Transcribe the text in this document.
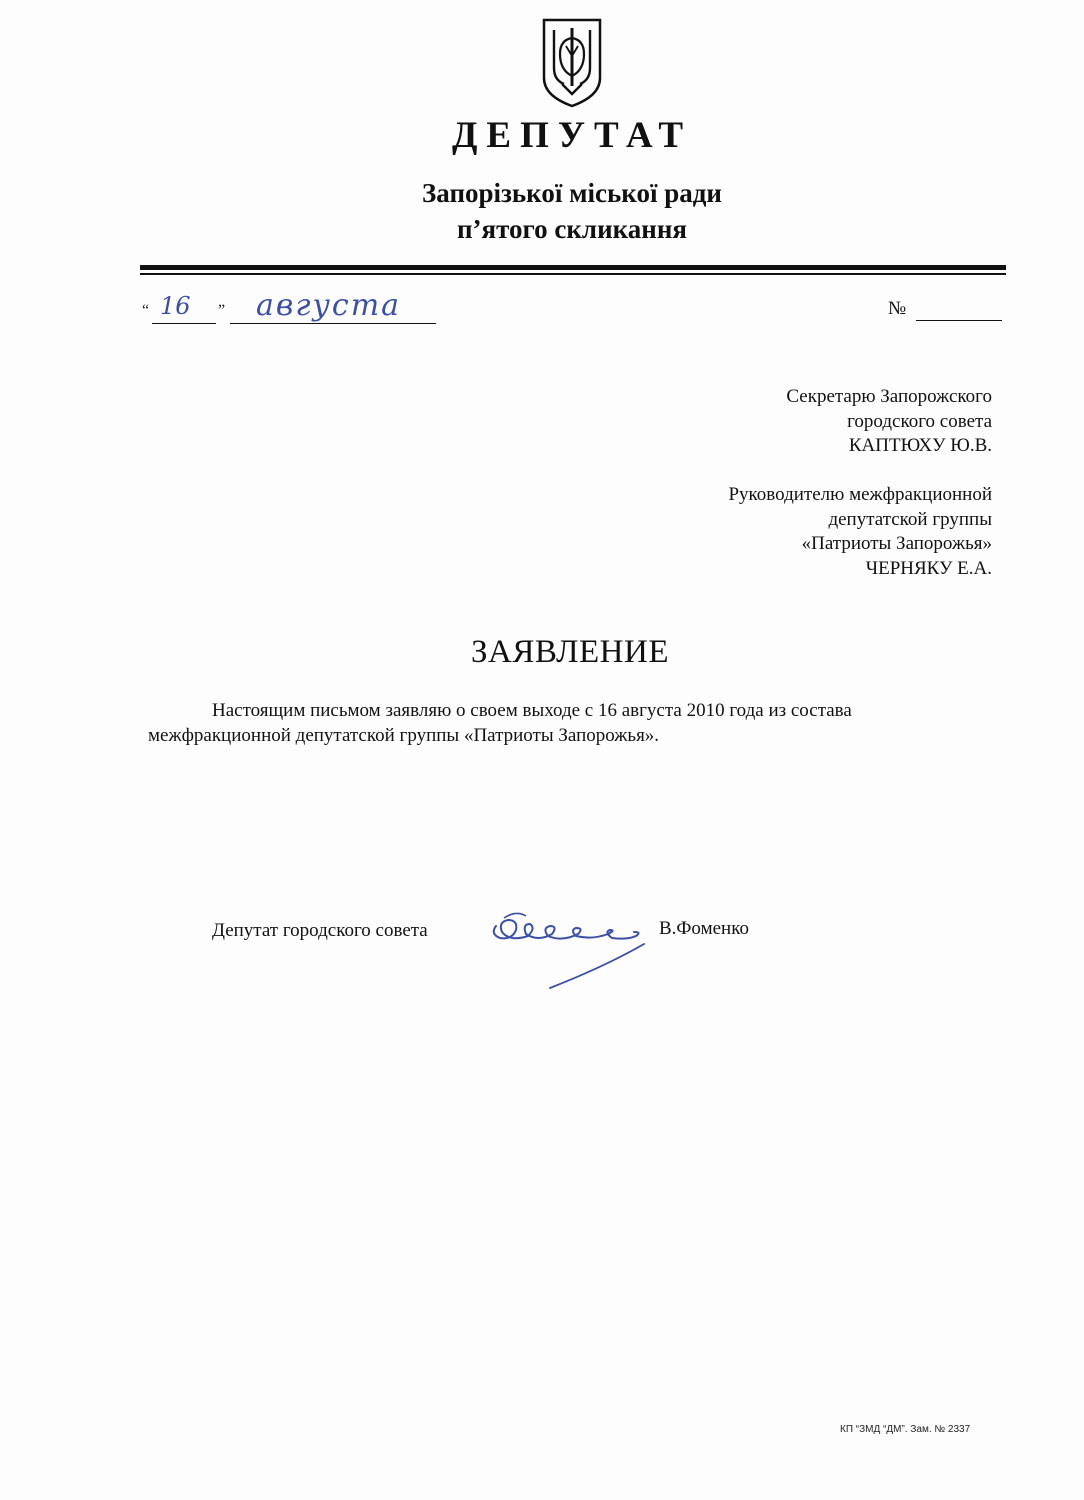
ДЕПУТАТ
Запорізької міської ради
п’ятого скликання
“ 16 ” августа	№
Секретарю Запорожского
городского совета
КАПТЮХУ Ю.В.
Руководителю межфракционной
депутатской группы
«Патриоты Запорожья»
ЧЕРНЯКУ Е.А.
ЗАЯВЛЕНИЕ
Настоящим письмом заявляю о своем выходе с 16 августа 2010 года из состава
межфракционной депутатской группы «Патриоты Запорожья».
Депутат городского совета	В.Фоменко
КП “ЗМД “ДМ”. Зам. № 2337
